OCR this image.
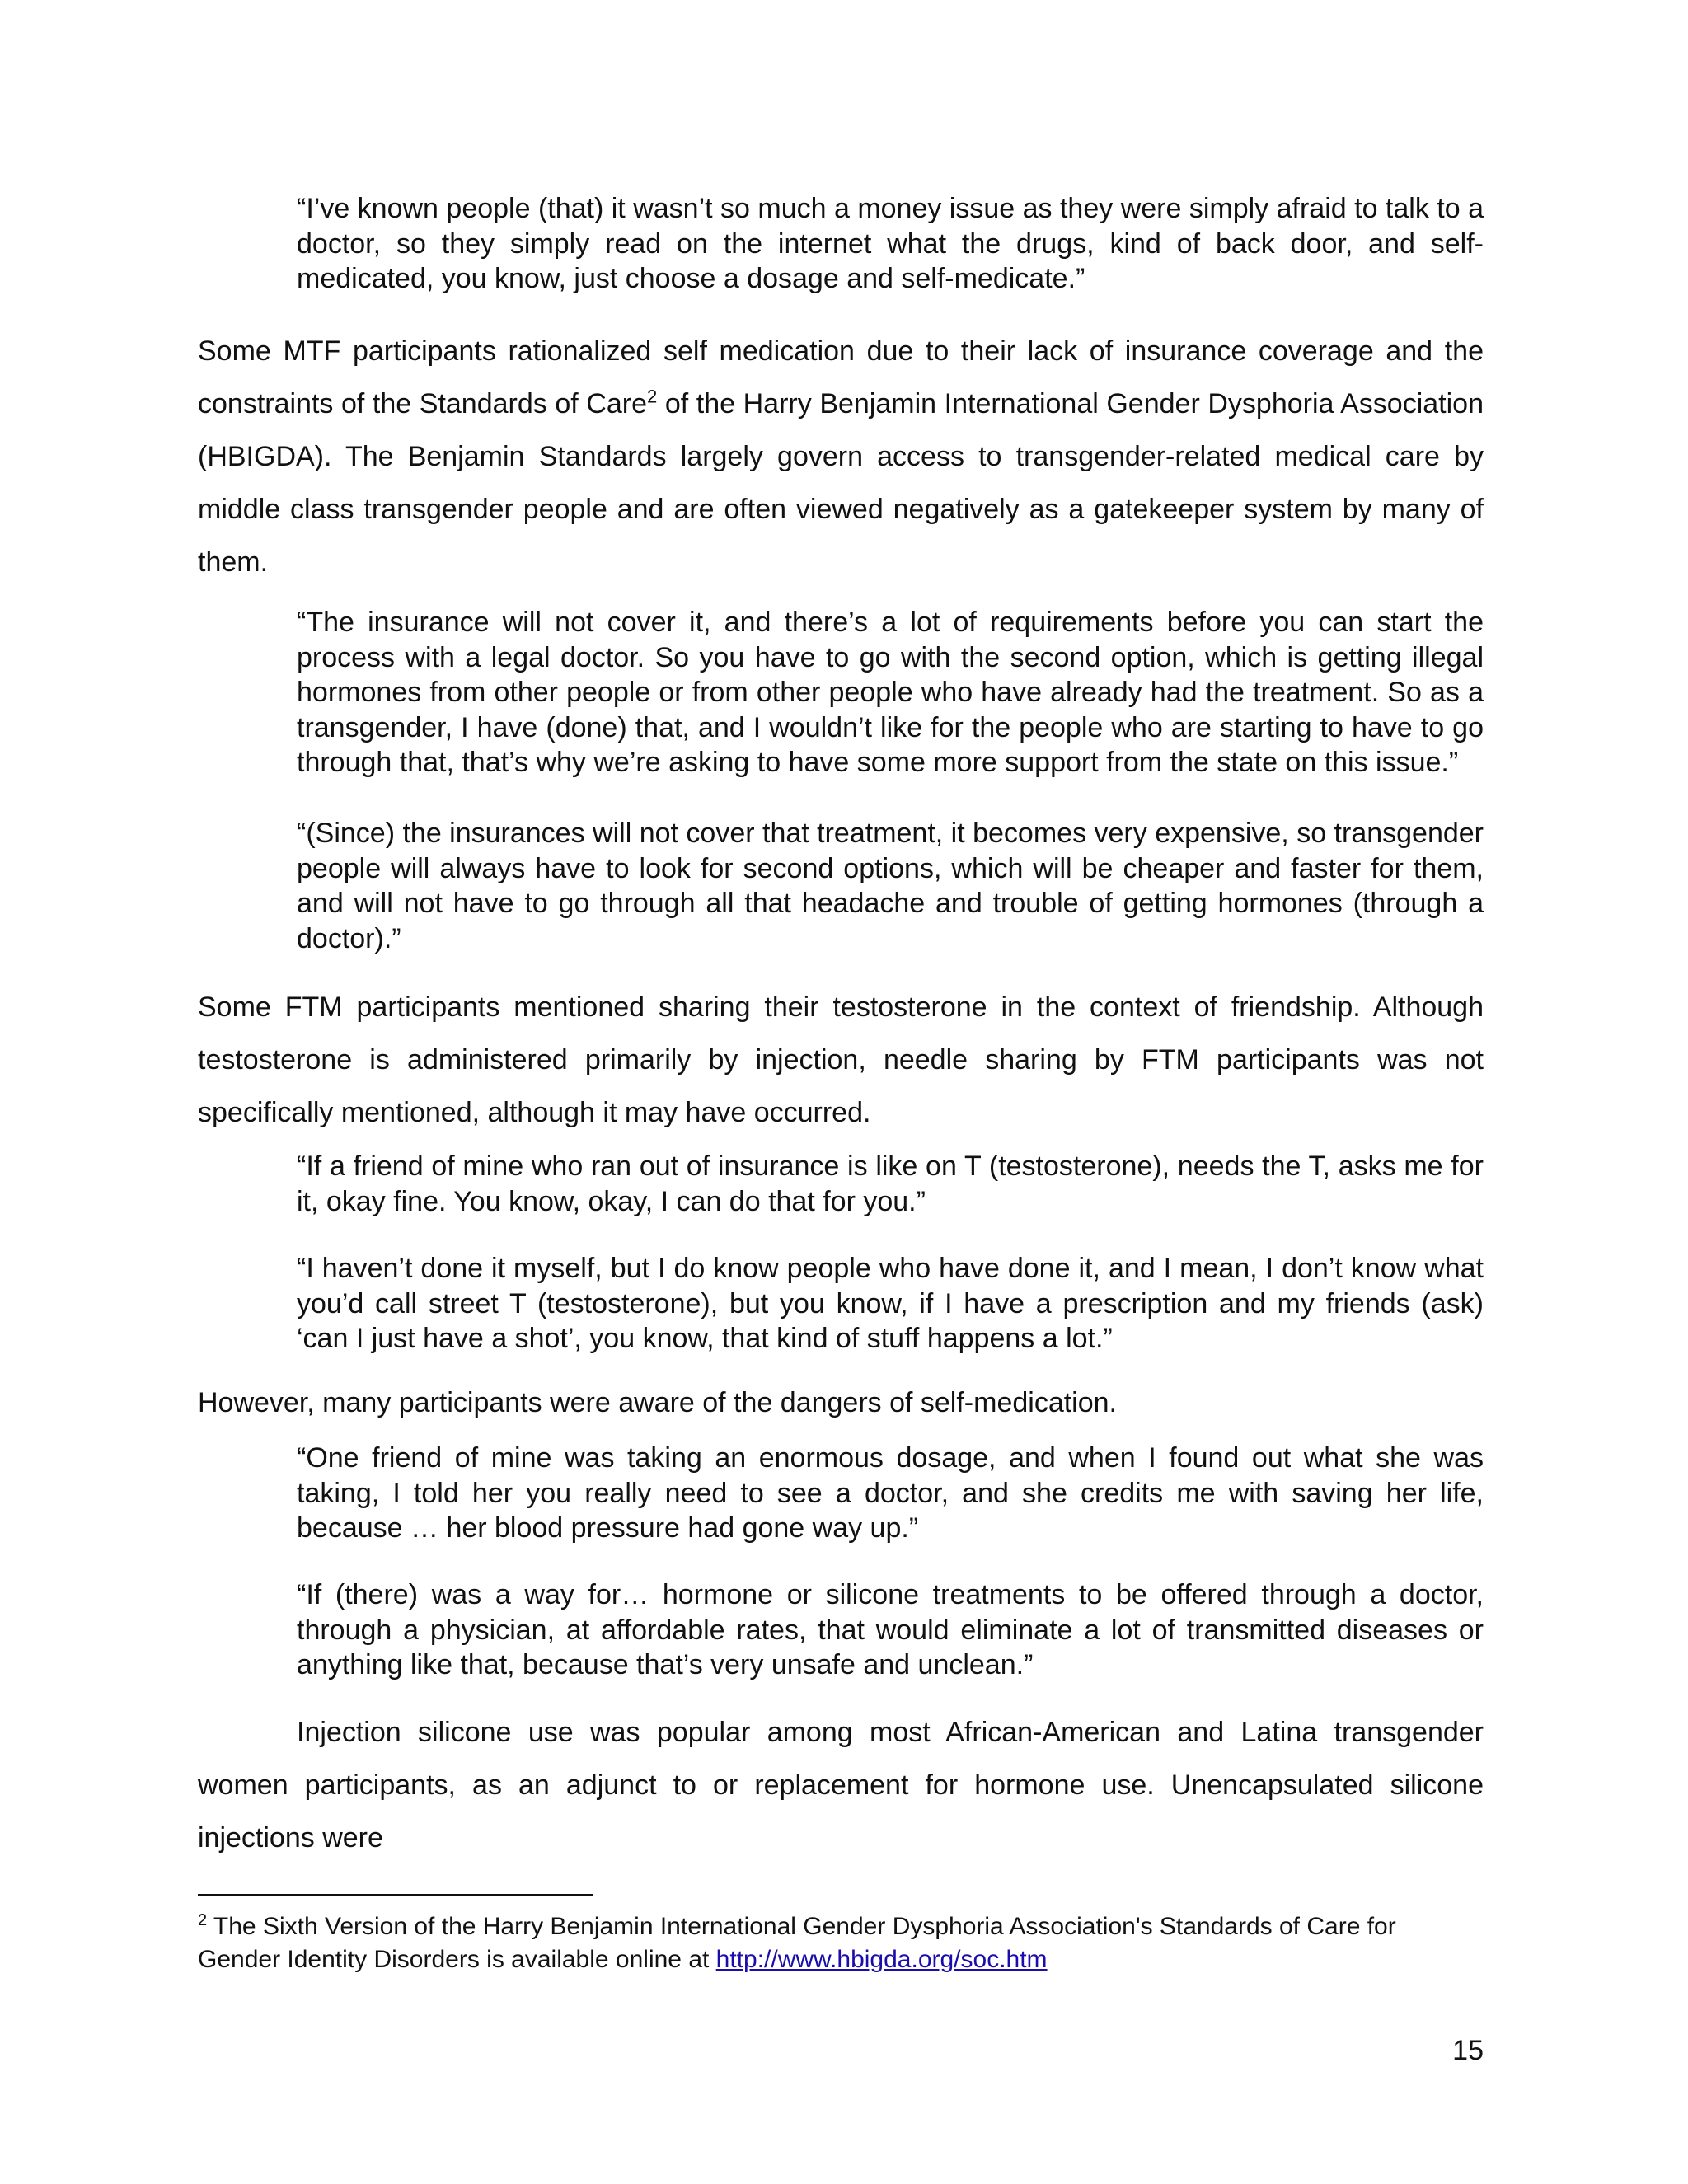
“I’ve known people (that) it wasn’t so much a money issue as they were simply afraid to talk to a doctor, so they simply read on the internet what the drugs, kind of back door, and self-medicated, you know, just choose a dosage and self-medicate.”

Some MTF participants rationalized self medication due to their lack of insurance coverage and the constraints of the Standards of Care$^2$ of the Harry Benjamin International Gender Dysphoria Association (HBIGDA). The Benjamin Standards largely govern access to transgender-related medical care by middle class transgender people and are often viewed negatively as a gatekeeper system by many of them.

“The insurance will not cover it, and there’s a lot of requirements before you can start the process with a legal doctor. So you have to go with the second option, which is getting illegal hormones from other people or from other people who have already had the treatment. So as a transgender, I have (done) that, and I wouldn’t like for the people who are starting to have to go through that, that’s why we’re asking to have some more support from the state on this issue.”

“(Since) the insurances will not cover that treatment, it becomes very expensive, so transgender people will always have to look for second options, which will be cheaper and faster for them, and will not have to go through all that headache and trouble of getting hormones (through a doctor).”

Some FTM participants mentioned sharing their testosterone in the context of friendship. Although testosterone is administered primarily by injection, needle sharing by FTM participants was not specifically mentioned, although it may have occurred.

“If a friend of mine who ran out of insurance is like on T (testosterone), needs the T, asks me for it, okay fine. You know, okay, I can do that for you.”

“I haven’t done it myself, but I do know people who have done it, and I mean, I don’t know what you’d call street T (testosterone), but you know, if I have a prescription and my friends (ask) ‘can I just have a shot’, you know, that kind of stuff happens a lot.”

However, many participants were aware of the dangers of self-medication.

“One friend of mine was taking an enormous dosage, and when I found out what she was taking, I told her you really need to see a doctor, and she credits me with saving her life, because … her blood pressure had gone way up.”

“If (there) was a way for… hormone or silicone treatments to be offered through a doctor, through a physician, at affordable rates, that would eliminate a lot of transmitted diseases or anything like that, because that’s very unsafe and unclean.”

Injection silicone use was popular among most African-American and Latina transgender women participants, as an adjunct to or replacement for hormone use. Unencapsulated silicone injections were

$^2$ The Sixth Version of the Harry Benjamin International Gender Dysphoria Association's Standards of Care for Gender Identity Disorders is available online at http://www.hbigda.org/soc.htm

15
